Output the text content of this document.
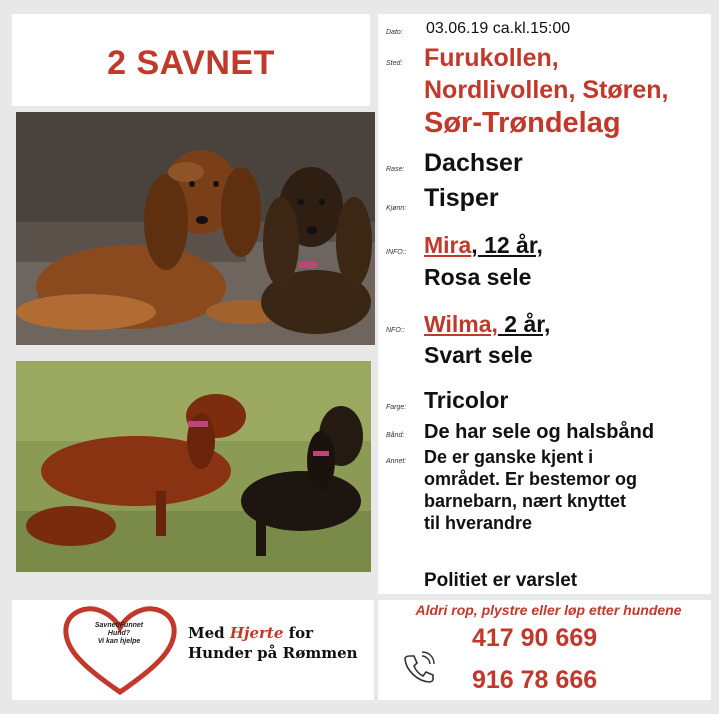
2 SAVNET
Dato: 03.06.19 ca.kl.15:00
Sted: Furukollen,
Nordlivollen, Støren,
Sør-Trøndelag
Rase: Dachser
Kjønn: Tisper
INFO:: Mira, 12 år,
Rosa sele
NFO:: Wilma, 2 år,
Svart sele
Farge: Tricolor
Bånd: De har sele og halsbånd
Annet: De er ganske kjent i
området. Er bestemor og
barnebarn, nært knyttet
til hverandre
Politiet er varslet
Savnet/Funnet
Hund?
Vi kan hjelpe	Med Hjerte for
Hunder på Rømmen
Aldri rop, plystre eller løp etter hundene
417 90 669
916 78 666
